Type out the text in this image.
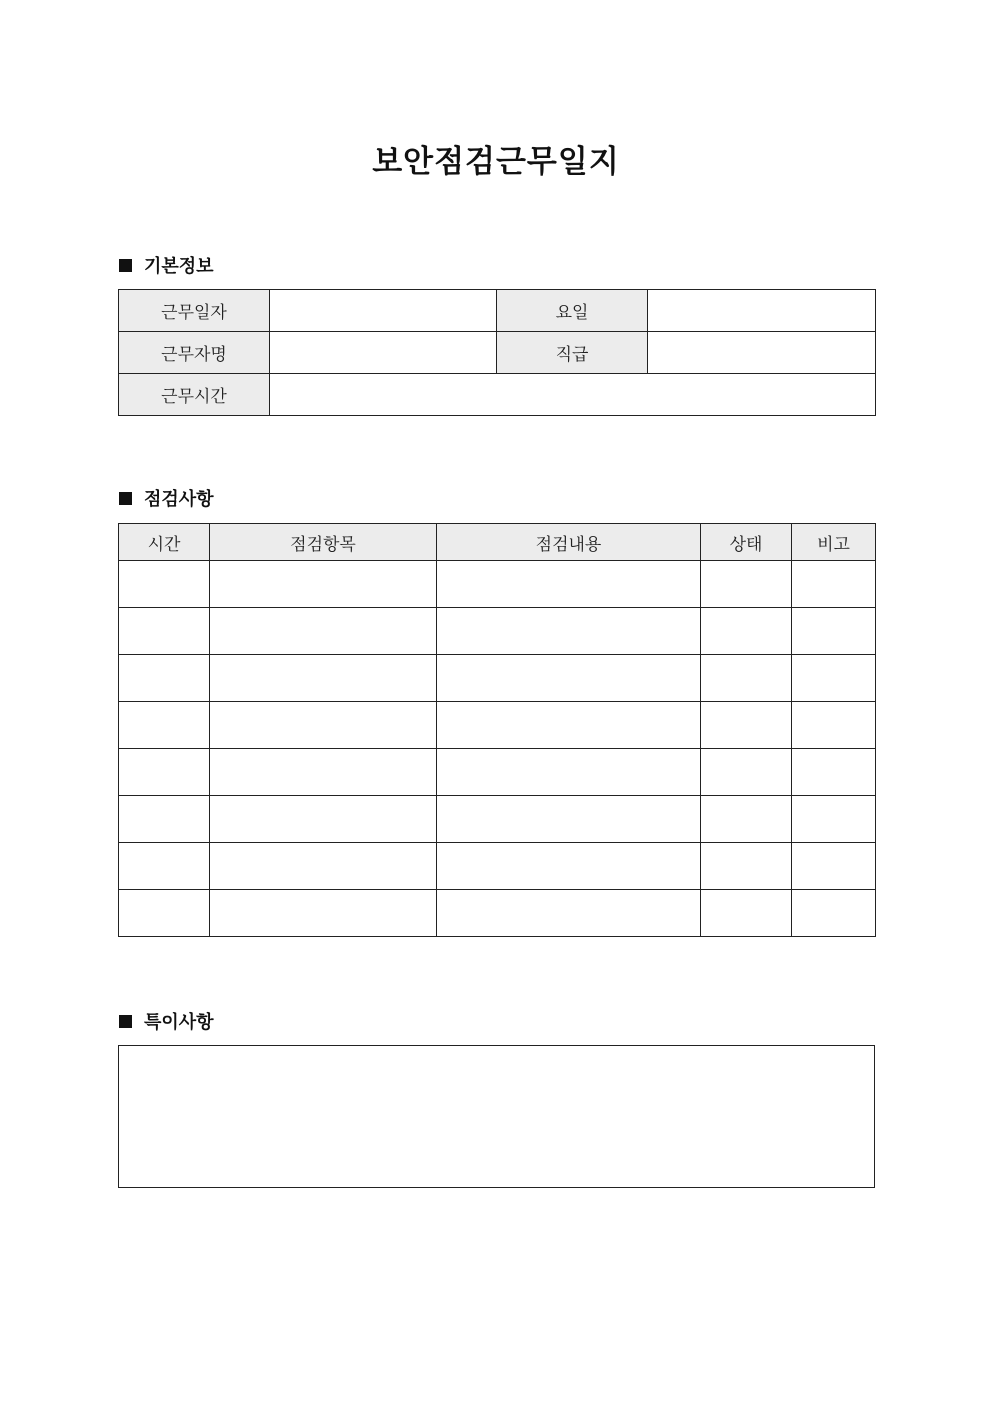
보안점검근무일지
기본정보
근무일자		요일	
근무자명		직급	
근무시간			
점검사항
시간	점검항목	점검내용	상태	비고

특이사항
